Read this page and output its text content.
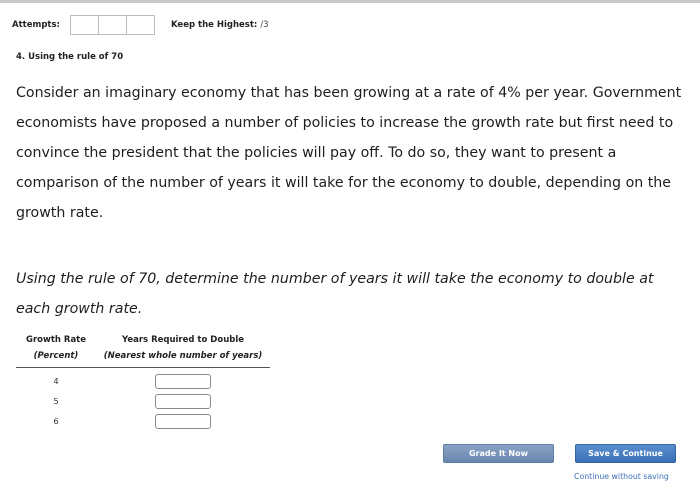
Attempts:	Keep the Highest: /3
4. Using the rule of 70

Consider an imaginary economy that has been growing at a rate of 4% per year. Government economists have proposed a number of policies to increase the growth rate but first need to convince the president that the policies will pay off. To do so, they want to present a comparison of the number of years it will take for the economy to double, depending on the growth rate.

Using the rule of 70, determine the number of years it will take the economy to double at each growth rate.

Growth Rate	Years Required to Double
(Percent)	(Nearest whole number of years)
4
5
6
Grade It Now	Save & Continue
Continue without saving
